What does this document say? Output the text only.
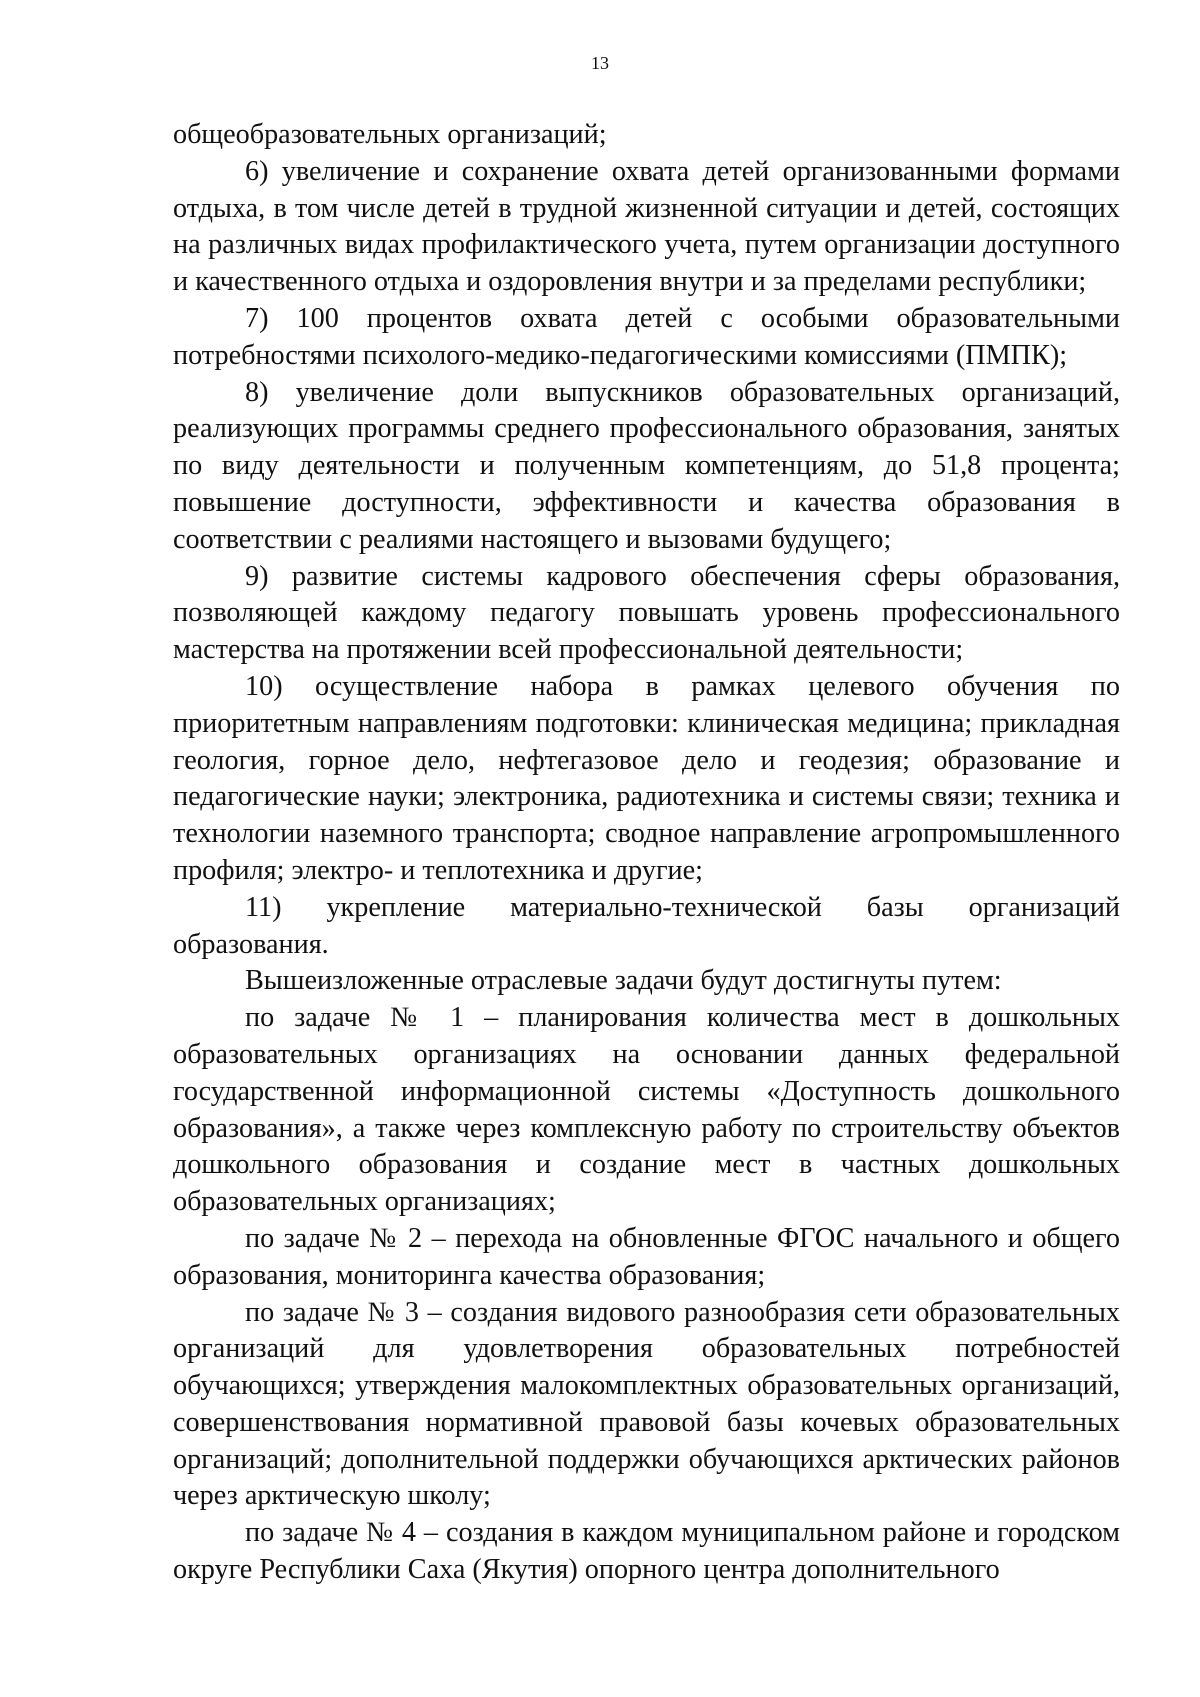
13

общеобразовательных организаций;

6) увеличение и сохранение охвата детей организованными формами отдыха, в том числе детей в трудной жизненной ситуации и детей, состоящих на различных видах профилактического учета, путем организации доступного и качественного отдыха и оздоровления внутри и за пределами республики;

7) 100 процентов охвата детей с особыми образовательными потребностями психолого-медико-педагогическими комиссиями (ПМПК);

8) увеличение доли выпускников образовательных организаций, реализующих программы среднего профессионального образования, занятых по виду деятельности и полученным компетенциям, до 51,8 процента; повышение доступности, эффективности и качества образования в соответствии с реалиями настоящего и вызовами будущего;

9) развитие системы кадрового обеспечения сферы образования, позволяющей каждому педагогу повышать уровень профессионального мастерства на протяжении всей профессиональной деятельности;

10) осуществление набора в рамках целевого обучения по приоритетным направлениям подготовки: клиническая медицина; прикладная геология, горное дело, нефтегазовое дело и геодезия; образование и педагогические науки; электроника, радиотехника и системы связи; техника и технологии наземного транспорта; сводное направление агропромышленного профиля; электро- и теплотехника и другие;

11) укрепление материально-технической базы организаций образования.

Вышеизложенные отраслевые задачи будут достигнуты путем:

по задаче № 1 – планирования количества мест в дошкольных образовательных организациях на основании данных федеральной государственной информационной системы «Доступность дошкольного образования», а также через комплексную работу по строительству объектов дошкольного образования и создание мест в частных дошкольных образовательных организациях;

по задаче № 2 – перехода на обновленные ФГОС начального и общего образования, мониторинга качества образования;

по задаче № 3 – создания видового разнообразия сети образовательных организаций для удовлетворения образовательных потребностей обучающихся; утверждения малокомплектных образовательных организаций, совершенствования нормативной правовой базы кочевых образовательных организаций; дополнительной поддержки обучающихся арктических районов через арктическую школу;

по задаче № 4 – создания в каждом муниципальном районе и городском округе Республики Саха (Якутия) опорного центра дополнительного
